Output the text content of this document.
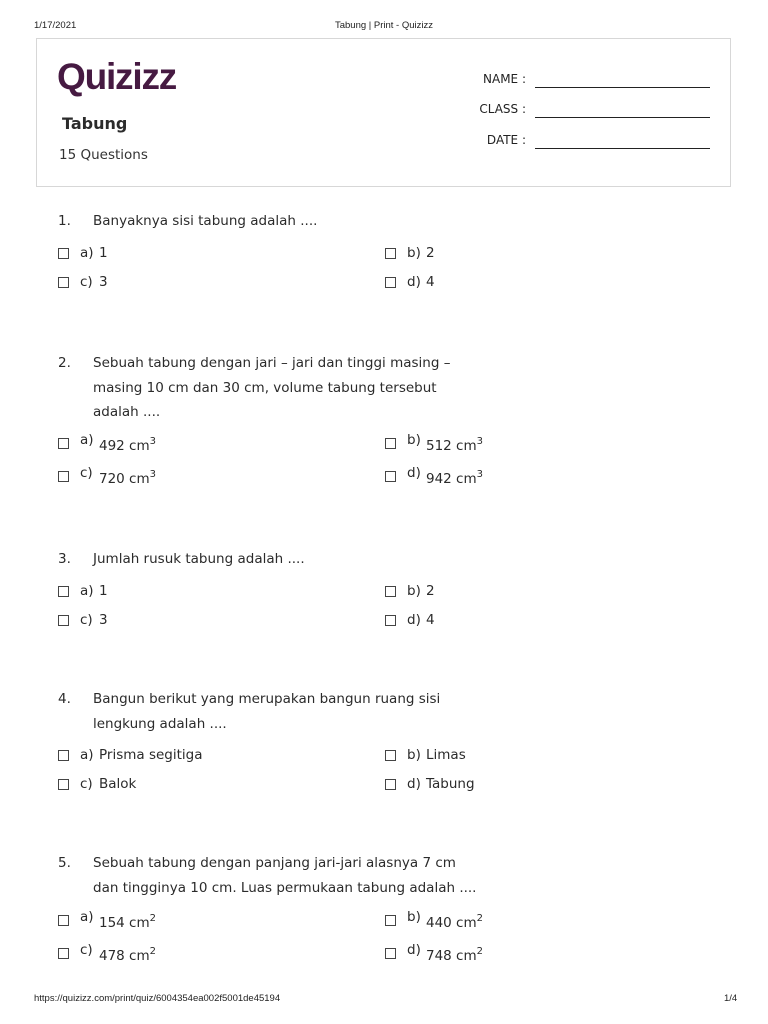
1/17/2021	Tabung | Print - Quizizz
Quizizz
Tabung
15 Questions
NAME :
CLASS :
DATE :
1. Banyaknya sisi tabung adalah ....
a) 1	b) 2
c) 3	d) 4
2. Sebuah tabung dengan jari – jari dan tinggi masing – masing 10 cm dan 30 cm, volume tabung tersebut adalah ....
a) 492 $cm^3$	b) 512 $cm^3$
c) 720 $cm^3$	d) 942 $cm^3$
3. Jumlah rusuk tabung adalah ....
a) 1	b) 2
c) 3	d) 4
4. Bangun berikut yang merupakan bangun ruang sisi lengkung adalah ....
a) Prisma segitiga	b) Limas
c) Balok	d) Tabung
5. Sebuah tabung dengan panjang jari-jari alasnya 7 cm dan tingginya 10 cm. Luas permukaan tabung adalah ....
a) 154 $cm^2$	b) 440 $cm^2$
c) 478 $cm^2$	d) 748 $cm^2$
https://quizizz.com/print/quiz/6004354ea002f5001de45194	1/4
